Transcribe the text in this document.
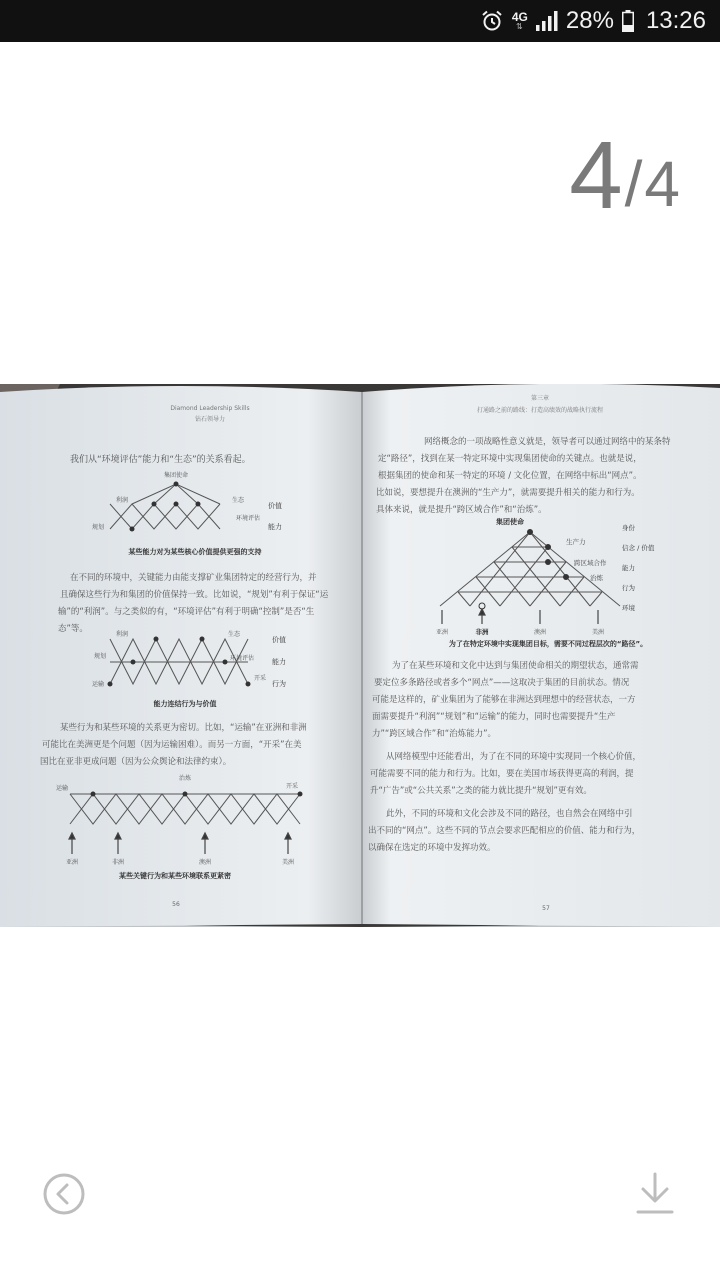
4G
⇅ 28% 13:26
4 / 4
Diamond Leadership Skills
钻石领导力
我们从“环境评估”能力和“生态”的关系看起。
集团使命
利润	生态
环境评估
规划
价值
能力
某些能力对为某些核心价值提供更强的支持
在不同的环境中，关键能力由能支撑矿业集团特定的经营行为，并
且确保这些行为和集团的价值保持一致。比如说，“规划”有利于保证“运
输”的“利润”。与之类似的有，“环境评估”有利于明确“控制”是否“生
态”等。
利润	生态
规划	环境评估
运输
开采
价值
能力
行为
能力连结行为与价值
某些行为和某些环境的关系更为密切。比如，“运输”在亚洲和非洲
可能比在美洲更是个问题（因为运输困难）。而另一方面，“开采”在美
国比在亚非更成问题（因为公众舆论和法律约束）。
运输
治炼
开采
亚洲	非洲	澳洲	美洲
某些关键行为和某些环境联系更紧密
56
第三章
打通路之前的路线：打造高绩效的战略执行流程
网络概念的一项战略性意义就是，领导者可以通过网络中的某条特
定“路径”，找到在某一特定环境中实现集团使命的关键点。也就是说，
根据集团的使命和某一特定的环境 / 文化位置，在网络中标出“网点”。
比如说，要想提升在澳洲的“生产力”，就需要提升相关的能力和行为。
具体来说，就是提升“跨区域合作”和“治炼”。
集团使命
生产力
跨区域合作
治炼
身份
信念 / 价值
能力
行为
环境
亚洲	非洲	澳洲	美洲
为了在特定环境中实现集团目标，需要不同过程层次的“路径”。
为了在某些环境和文化中达到与集团使命相关的期望状态，通常需
要定位多条路径或者多个“网点”——这取决于集团的目前状态。情况
可能是这样的，矿业集团为了能够在非洲达到理想中的经营状态，一方
面需要提升“利润”“规划”和“运输”的能力，同时也需要提升“生产
力”“跨区域合作”和“治炼能力”。
从网络模型中还能看出，为了在不同的环境中实现同一个核心价值，
可能需要不同的能力和行为。比如，要在美国市场获得更高的利润，提
升“广告”或“公共关系”之类的能力就比提升“规划”更有效。
此外，不同的环境和文化会涉及不同的路径，也自然会在网络中引
出不同的“网点”。这些不同的节点会要求匹配相应的价值、能力和行为，
以确保在选定的环境中发挥功效。
57
